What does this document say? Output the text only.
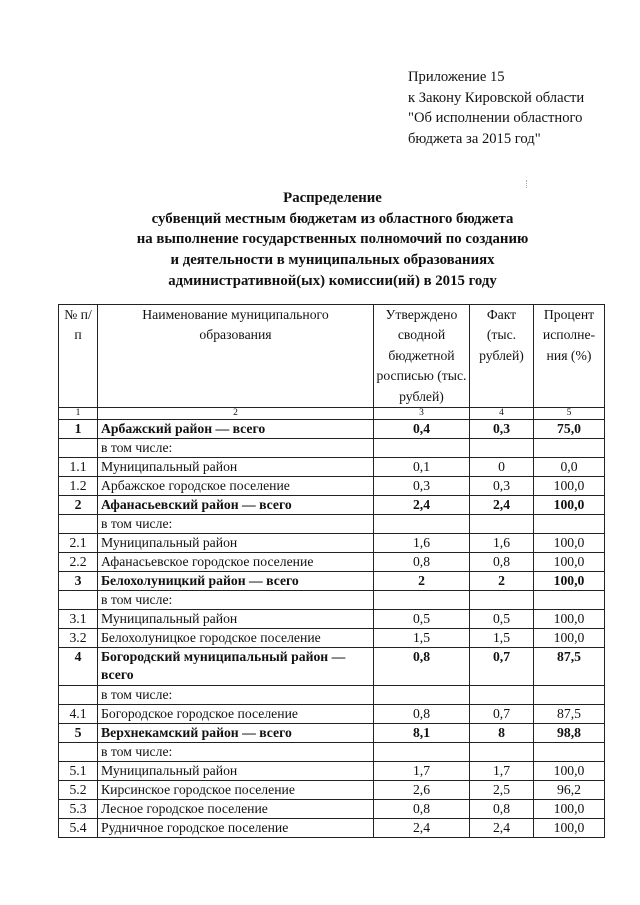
Приложение 15
к Закону Кировской области
"Об исполнении областного
бюджета за 2015 год"
Распределение
субвенций местным бюджетам из областного бюджета
на выполнение государственных полномочий по созданию
и деятельности в муниципальных образованиях
административной(ых) комиссии(ий) в 2015 году
№ п/п	Наименование муниципального образования	Утверждено сводной бюджетной росписью (тыс. рублей)	Факт (тыс. рублей)	Процент исполне-ния (%)
1	2	3	4	5
1	Арбажский район — всего	0,4	0,3	75,0
	в том числе:			
1.1	Муниципальный район	0,1	0	0,0
1.2	Арбажское городское поселение	0,3	0,3	100,0
2	Афанасьевский район — всего	2,4	2,4	100,0
	в том числе:			
2.1	Муниципальный район	1,6	1,6	100,0
2.2	Афанасьевское городское поселение	0,8	0,8	100,0
3	Белохолуницкий район — всего	2	2	100,0
	в том числе:			
3.1	Муниципальный район	0,5	0,5	100,0
3.2	Белохолуницкое городское поселение	1,5	1,5	100,0
4	Богородский муниципальный район — всего	0,8	0,7	87,5
	в том числе:			
4.1	Богородское городское поселение	0,8	0,7	87,5
5	Верхнекамский район — всего	8,1	8	98,8
	в том числе:			
5.1	Муниципальный район	1,7	1,7	100,0
5.2	Кирсинское городское поселение	2,6	2,5	96,2
5.3	Лесное городское поселение	0,8	0,8	100,0
5.4	Рудничное городское поселение	2,4	2,4	100,0
